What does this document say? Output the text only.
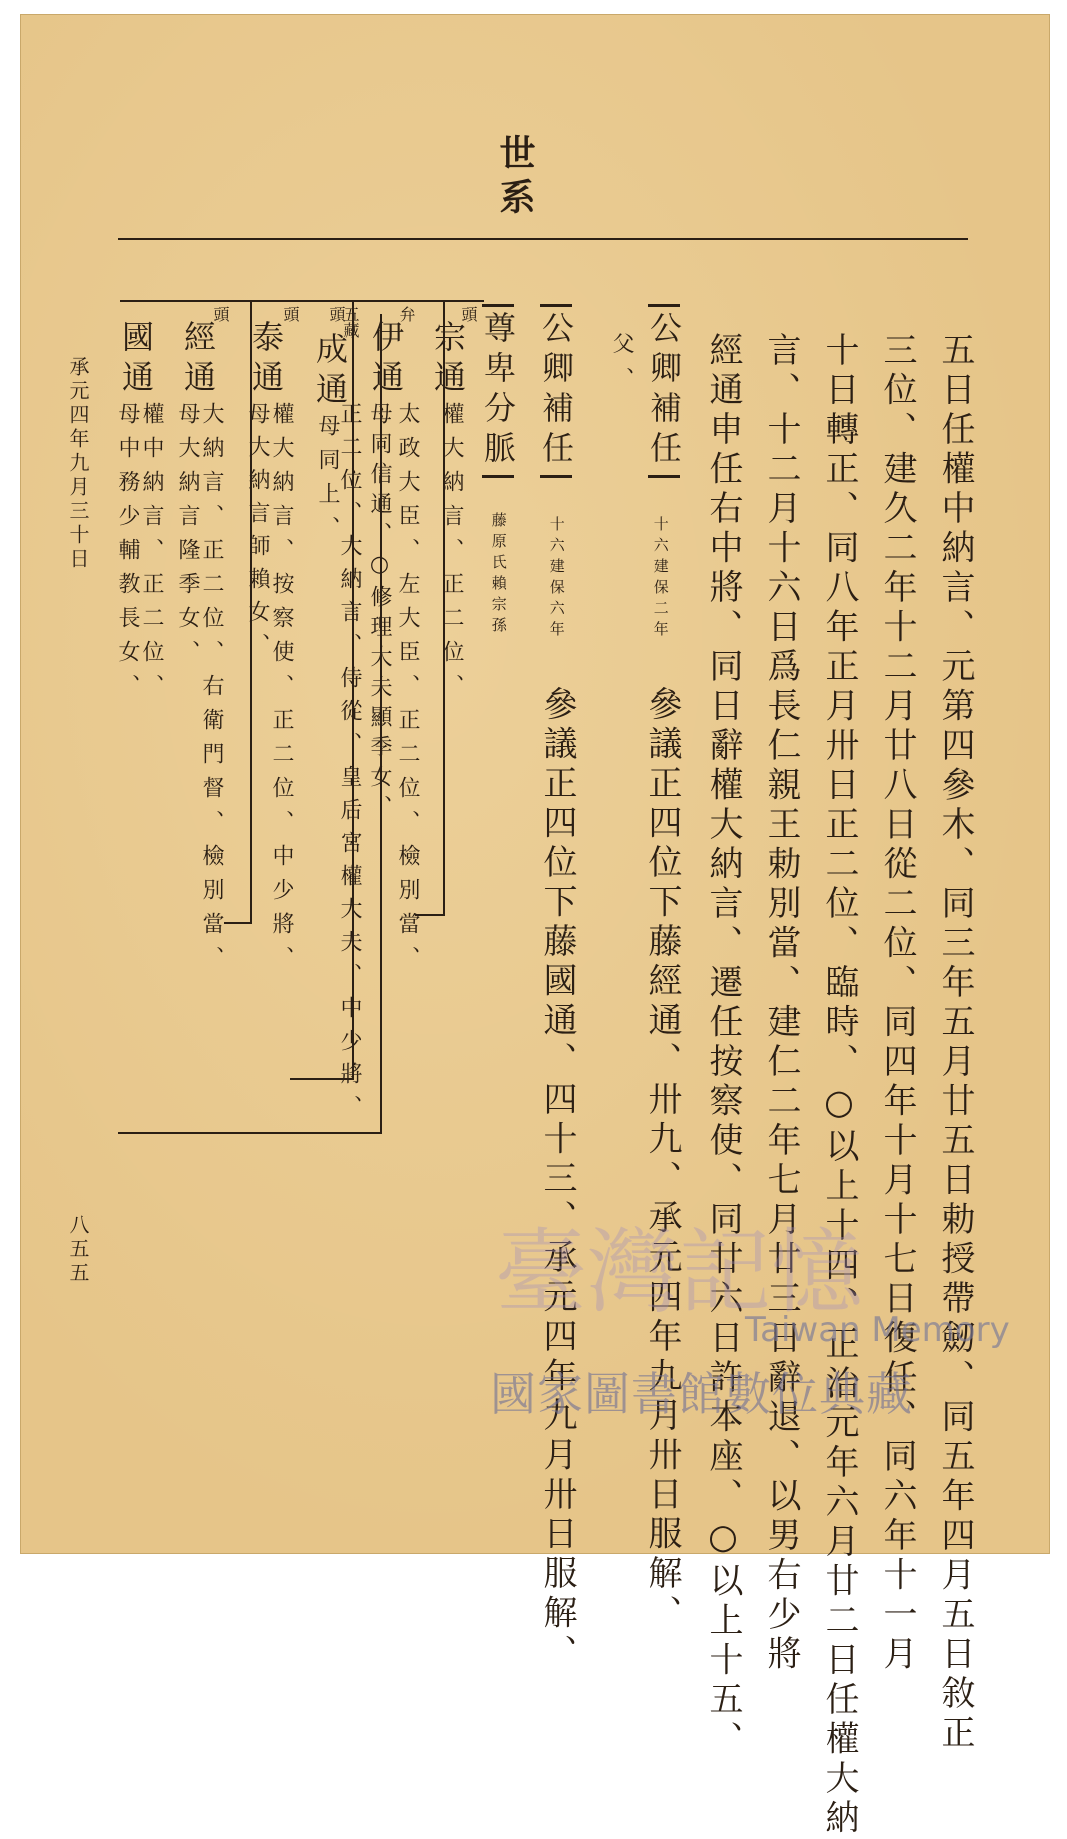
世系
五日任權中納言、元第四參木、同三年五月廿五日勅授帶劒、同五年四月五日敘正
三位、建久二年十二月廿八日從二位、同四年十月十七日復任、同六年十一月
十日轉正、同八年正月卅日正二位、臨時、○以上十四、正治元年六月廿二日任權大納
言、十二月十六日爲長仁親王勅別當、建仁二年七月廿三日辭退、以男右少將
經通申任右中將、同日辭權大納言、遷任按察使、同廿六日許本座、○以上十五、
父、 公卿補任
十六建保二年
參議正四位下藤經通、卅九、承元四年九月卅日服解、
公卿補任
十六建保六年
參議正四位下藤國通、四十三、承元四年九月卅日服解、
尊卑分脈
藤原氏賴宗孫
頭
宗通
權大納言、正二位、
弁
伊通
太政大臣、左大臣、正二位、檢別當、
母同信通、○修理大夫顯季女、
五藏
頭
成通
母同上、
正二位、大納言、侍從、皇后宮權大夫、中少將、
頭
泰通
權大納言、按察使、正二位、中少將、
母大納言師賴女、
頭
經通
大納言、正二位、右衛門督、檢別當、
母大納言隆季女、
國通
權中納言、正二位、
母中務少輔教長女、
承元四年九月三十日
八五五	臺灣記憶
Taiwan Memory
國家圖書館數位典藏
